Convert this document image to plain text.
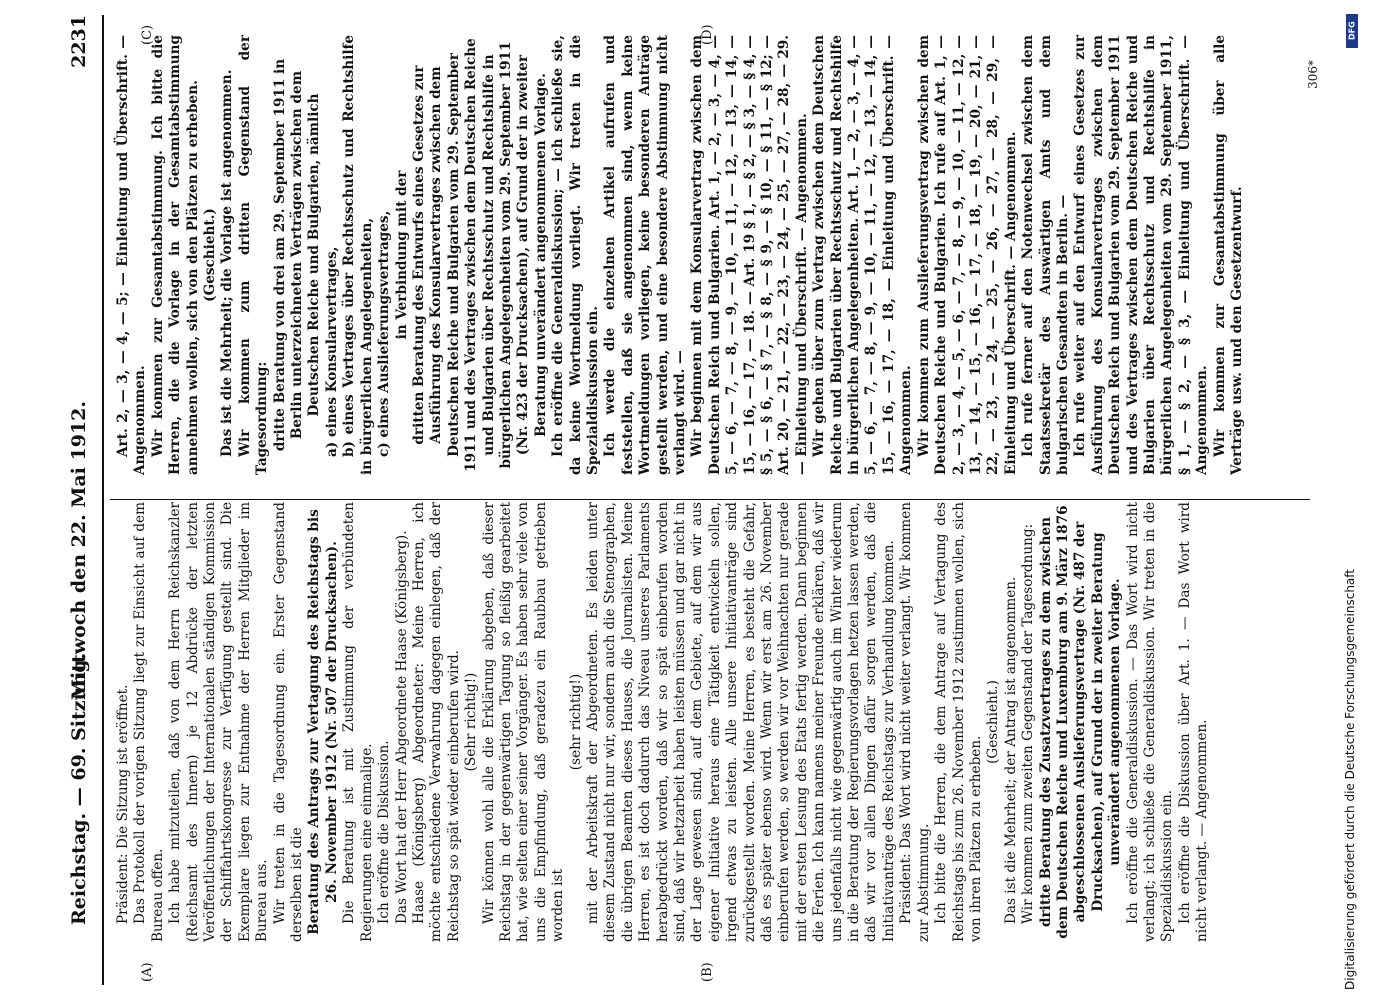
Reichstag. — 69. Sitzung.
Mittwoch den 22. Mai 1912.
2231
(A)	(B)
(C)	(D)

Präsident: Die Sitzung ist eröffnet. Das Protokoll der vorigen Sitzung liegt zur Einsicht auf dem Bureau offen. Ich habe mitzuteilen, daß von dem Herrn Reichskanzler (Reichsamt des Innern) je 12 Abdrücke der letzten Veröffentlichungen der Internationalen ständigen Kommission der Schiffahrtskongresse zur Verfügung gestellt sind. Die Exemplare liegen zur Entnahme der Herren Mitglieder im Bureau aus. Wir treten in die Tagesordnung ein. Erster Gegenstand derselben ist die Beratung des Antrags zur Vertagung des Reichstags bis 26. November 1912 (Nr. 507 der Drucksachen). Die Beratung ist mit Zustimmung der verbündeten Regierungen eine einmalige. Ich eröffne die Diskussion. Das Wort hat der Herr Abgeordnete Haase (Königsberg). Haase (Königsberg) Abgeordneter: Meine Herren, ich möchte entschiedene Verwahrung dagegen einlegen, daß der Reichstag so spät wieder einberufen wird. (Sehr richtig!) Wir können wohl alle die Erklärung abgeben, daß dieser Reichstag in der gegenwärtigen Tagung so fleißig gearbeitet hat, wie selten einer seiner Vorgänger. Es haben sehr viele von uns die Empfindung, daß geradezu ein Raubbau getrieben worden ist

(sehr richtig!) mit der Arbeitskraft der Abgeordneten. Es leiden unter diesem Zustand nicht nur wir, sondern auch die Stenographen, die übrigen Beamten dieses Hauses, die Journalisten. Meine Herren, es ist doch dadurch das Niveau unseres Parlaments herabgedrückt worden, daß wir so spät einberufen worden sind, daß wir hetzarbeit haben leisten müssen und gar nicht in der Lage gewesen sind, auf dem Gebiete, auf dem wir aus eigener Initiative heraus eine Tätigkeit entwickeln sollen, irgend etwas zu leisten. Alle unsere Initiativanträge sind zurückgestellt worden. Meine Herren, es besteht die Gefahr, daß es später ebenso wird. Wenn wir erst am 26. November einberufen werden, so werden wir vor Weihnachten nur gerade mit der ersten Lesung des Etats fertig werden. Dann beginnen die Ferien. Ich kann namens meiner Freunde erklären, daß wir uns jedenfalls nicht wie gegenwärtig auch im Winter wiederum in die Beratung der Regierungsvorlagen hetzen lassen werden, daß wir vor allen Dingen dafür sorgen werden, daß die Initiativanträge des Reichstags zur Verhandlung kommen. Präsident: Das Wort wird nicht weiter verlangt. Wir kommen zur Abstimmung. Ich bitte die Herren, die dem Antrage auf Vertagung des Reichstags bis zum 26. November 1912 zustimmen wollen, sich von ihren Plätzen zu erheben.

(Geschieht.) Das ist die Mehrheit; der Antrag ist angenommen. Wir kommen zum zweiten Gegenstand der Tagesordnung: dritte Beratung des Zusatzvertrages zu dem zwischen dem Deutschen Reiche und Luxemburg am 9. März 1876 abgeschlossenen Auslieferungsvertrage (Nr. 487 der Drucksachen), auf Grund der in zweiter Beratung unverändert angenommenen Vorlage. Ich eröffne die Generaldiskussion. — Das Wort wird nicht verlangt; ich schließe die Generaldiskussion. Wir treten in die Spezialdiskussion ein. Ich eröffne die Diskussion über Art. 1. — Das Wort wird nicht verlangt. — Angenommen.

Art. 2, — 3, — 4, — 5; — Einleitung und Überschrift. — Angenommen. Wir kommen zur Gesamtabstimmung. Ich bitte die Herren, die die Vorlage in der Gesamtabstimmung annehmen wollen, sich von den Plätzen zu erheben. (Geschieht.) Das ist die Mehrheit; die Vorlage ist angenommen. Wir kommen zum dritten Gegenstand der Tagesordnung: dritte Beratung von drei am 29. September 1911 in Berlin unterzeichneten Verträgen zwischen dem Deutschen Reiche und Bulgarien, nämlich a) eines Konsularvertrages, b) eines Vertrages über Rechtsschutz und Rechtshilfe in bürgerlichen Angelegenheiten, c) eines Auslieferungsvertrages, in Verbindung mit der dritten Beratung des Entwurfs eines Gesetzes zur Ausführung des Konsularvertrages zwischen dem Deutschen Reiche und Bulgarien vom 29. September 1911 und des Vertrages zwischen dem Deutschen Reiche und Bulgarien über Rechtsschutz und Rechtshilfe in bürgerlichen Angelegenheiten vom 29. September 1911 (Nr. 423 der Drucksachen), auf Grund der in zweiter Beratung unverändert angenommenen Vorlage. Ich eröffne die Generaldiskussion; — ich schließe sie, da keine Wortmeldung vorliegt. Wir treten in die Spezialdiskussion ein. Ich werde die einzelnen Artikel aufrufen und feststellen, daß sie angenommen sind, wenn keine Wortmeldungen vorliegen, keine besonderen Anträge gestellt werden, und eine besondere Abstimmung nicht verlangt wird. — Wir beginnen mit dem Konsularvertrag zwischen dem Deutschen Reich und Bulgarien. Art. 1, — 2, — 3, — 4, — 5, — 6, — 7, — 8, — 9, — 10, — 11, — 12, — 13, — 14, — 15, — 16, — 17, — 18. — Art. 19 § 1, — § 2, — § 3, — § 4, — § 5, — § 6, — § 7, — § 8, — § 9, — § 10, — § 11, — § 12; — Art. 20, — 21, — 22, — 23, — 24, — 25, — 27, — 28, — 29. — Einleitung und Überschrift. — Angenommen. Wir gehen über zum Vertrag zwischen dem Deutschen Reiche und Bulgarien über Rechtsschutz und Rechtshilfe in bürgerlichen Angelegenheiten. Art. 1, — 2, — 3, — 4, — 5, — 6, — 7, — 8, — 9, — 10, — 11, — 12, — 13, — 14, — 15, — 16, — 17, — 18, — Einleitung und Überschrift. — Angenommen. Wir kommen zum Auslieferungsvertrag zwischen dem Deutschen Reiche und Bulgarien. Ich rufe auf Art. 1, — 2, — 3, — 4, — 5, — 6, — 7, — 8, — 9, — 10, — 11, — 12, — 13, — 14, — 15, — 16, — 17, — 18, — 19, — 20, — 21, — 22, — 23, — 24, — 25, — 26, — 27, — 28, — 29, — Einleitung und Überschrift. — Angenommen. Ich rufe ferner auf den Notenwechsel zwischen dem Staatssekretär des Auswärtigen Amts und dem bulgarischen Gesandten in Berlin. — Ich rufe weiter auf den Entwurf eines Gesetzes zur Ausführung des Konsularvertrages zwischen dem Deutschen Reich und Bulgarien vom 29. September 1911 und des Vertrages zwischen dem Deutschen Reiche und Bulgarien über Rechtsschutz und Rechtshilfe in bürgerlichen Angelegenheiten vom 29. September 1911, § 1, — § 2, — § 3, — Einleitung und Überschrift. — Angenommen. Wir kommen zur Gesamtabstimmung über alle Verträge usw. und den Gesetzentwurf.

306*
DFG
Digitalisierung gefördert durch die Deutsche Forschungsgemeinschaft
